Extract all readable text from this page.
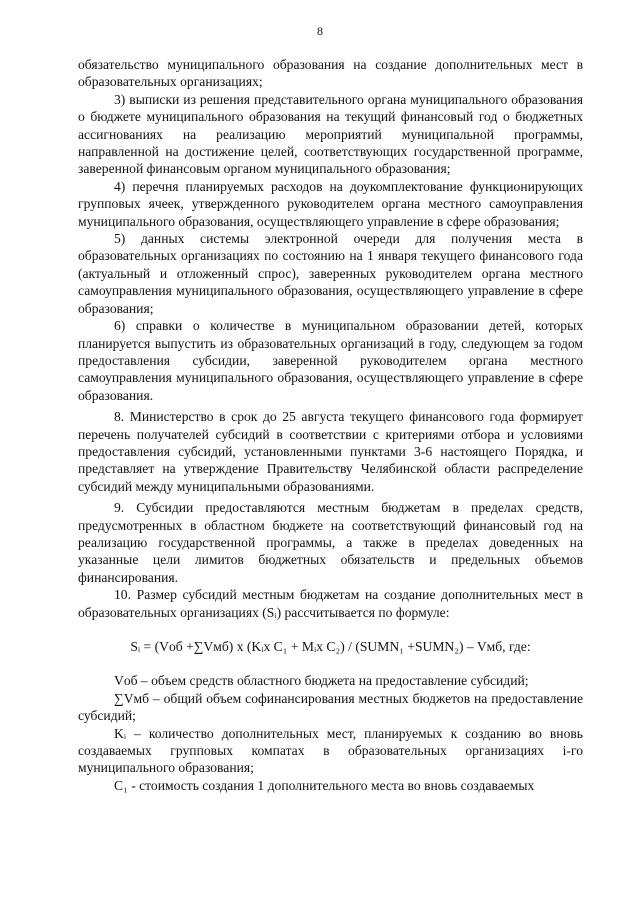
8

обязательство муниципального образования на создание дополнительных мест в образовательных организациях;

3) выписки из решения представительного органа муниципального образования о бюджете муниципального образования на текущий финансовый год о бюджетных ассигнованиях на реализацию мероприятий муниципальной программы, направленной на достижение целей, соответствующих государственной программе, заверенной финансовым органом муниципального образования;

4) перечня планируемых расходов на доукомплектование функционирующих групповых ячеек, утвержденного руководителем органа местного самоуправления муниципального образования, осуществляющего управление в сфере образования;

5) данных системы электронной очереди для получения места в образовательных организациях по состоянию на 1 января текущего финансового года (актуальный и отложенный спрос), заверенных руководителем органа местного самоуправления муниципального образования, осуществляющего управление в сфере образования;

6) справки о количестве в муниципальном образовании детей, которых планируется выпустить из образовательных организаций в году, следующем за годом предоставления субсидии, заверенной руководителем органа местного самоуправления муниципального образования, осуществляющего управление в сфере образования.

8. Министерство в срок до 25 августа текущего финансового года формирует перечень получателей субсидий в соответствии с критериями отбора и условиями предоставления субсидий, установленными пунктами 3-6 настоящего Порядка, и представляет на утверждение Правительству Челябинской области распределение субсидий между муниципальными образованиями.

9. Субсидии предоставляются местным бюджетам в пределах средств, предусмотренных в областном бюджете на соответствующий финансовый год на реализацию государственной программы, а также в пределах доведенных на указанные цели лимитов бюджетных обязательств и предельных объемов финансирования.

10. Размер субсидий местным бюджетам на создание дополнительных мест в образовательных организациях (Sᵢ) рассчитывается по формуле:

Sᵢ = (Vоб +∑Vмб) x (Kᵢx C₁ + Mᵢx C₂) / (SUMN₁ +SUMN₂) – Vмб, где:

Vоб – объем средств областного бюджета на предоставление субсидий;

∑Vмб – общий объем софинансирования местных бюджетов на предоставление субсидий;

Kᵢ – количество дополнительных мест, планируемых к созданию во вновь создаваемых групповых компатах в образовательных организациях i-го муниципального образования;

C₁ - стоимость создания 1 дополнительного места во вновь создаваемых
